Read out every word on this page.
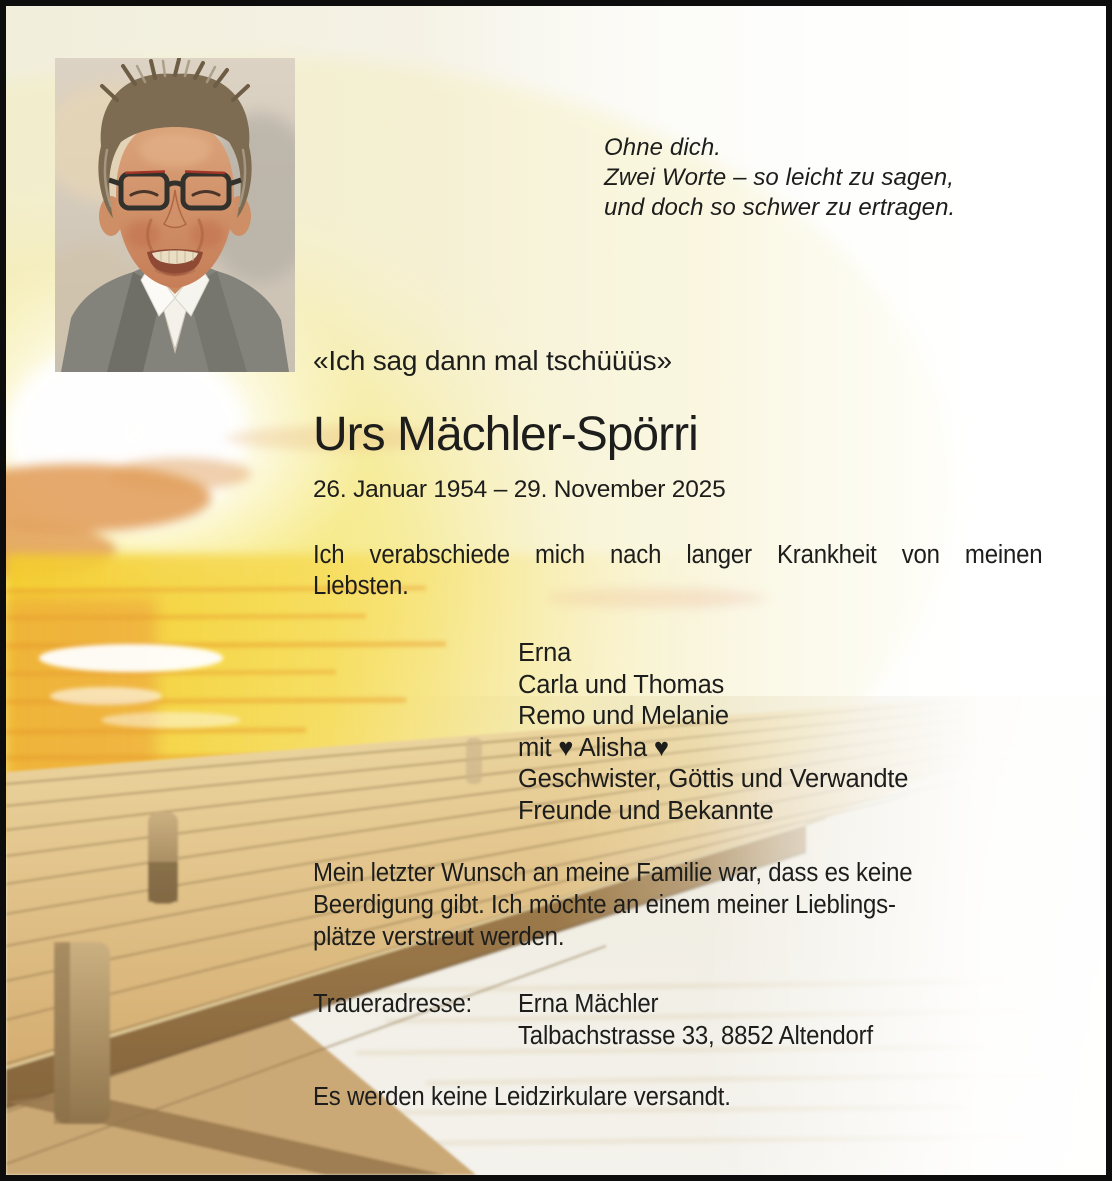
Ohne dich.
Zwei Worte – so leicht zu sagen,
und doch so schwer zu ertragen.
«Ich sag dann mal tschüüüs»
Urs Mächler-Spörri
26. Januar 1954 – 29. November 2025
Ich verabschiede mich nach langer Krankheit von meinen
Liebsten.
Erna
Carla und Thomas
Remo und Melanie
mit ♥ Alisha ♥
Geschwister, Göttis und Verwandte
Freunde und Bekannte
Mein letzter Wunsch an meine Familie war, dass es keine
Beerdigung gibt. Ich möchte an einem meiner Lieblings-
plätze verstreut werden.
Traueradresse: Erna Mächler
Talbachstrasse 33, 8852 Altendorf
Es werden keine Leidzirkulare versandt.
